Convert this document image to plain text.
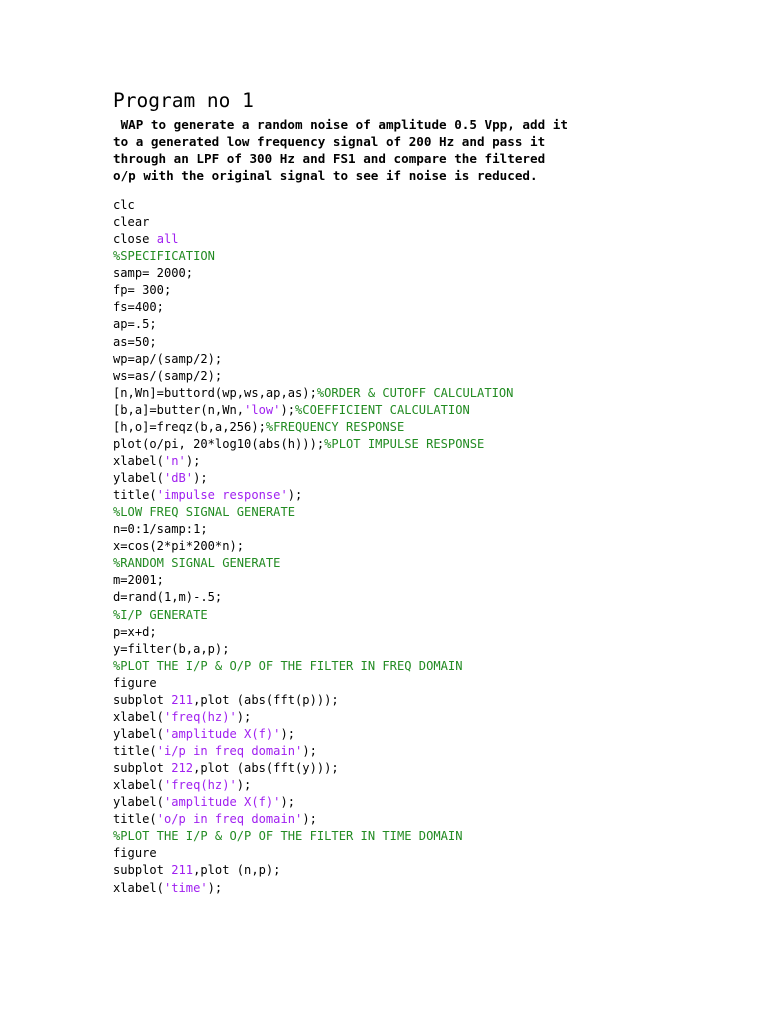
Program no 1
WAP to generate a random noise of amplitude 0.5 Vpp, add it
to a generated low frequency signal of 200 Hz and pass it
through an LPF of 300 Hz and FS1 and compare the filtered
o/p with the original signal to see if noise is reduced.
clc
clear
close all
%SPECIFICATION
samp= 2000;
fp= 300;
fs=400;
ap=.5;
as=50;
wp=ap/(samp/2);
ws=as/(samp/2);
[n,Wn]=buttord(wp,ws,ap,as);%ORDER & CUTOFF CALCULATION
[b,a]=butter(n,Wn,'low');%COEFFICIENT CALCULATION
[h,o]=freqz(b,a,256);%FREQUENCY RESPONSE
plot(o/pi, 20*log10(abs(h)));%PLOT IMPULSE RESPONSE
xlabel('n');
ylabel('dB');
title('impulse response');
%LOW FREQ SIGNAL GENERATE
n=0:1/samp:1;
x=cos(2*pi*200*n);
%RANDOM SIGNAL GENERATE
m=2001;
d=rand(1,m)-.5;
%I/P GENERATE
p=x+d;
y=filter(b,a,p);
%PLOT THE I/P & O/P OF THE FILTER IN FREQ DOMAIN
figure
subplot 211,plot (abs(fft(p)));
xlabel('freq(hz)');
ylabel('amplitude X(f)');
title('i/p in freq domain');
subplot 212,plot (abs(fft(y)));
xlabel('freq(hz)');
ylabel('amplitude X(f)');
title('o/p in freq domain');
%PLOT THE I/P & O/P OF THE FILTER IN TIME DOMAIN
figure
subplot 211,plot (n,p);
xlabel('time');
